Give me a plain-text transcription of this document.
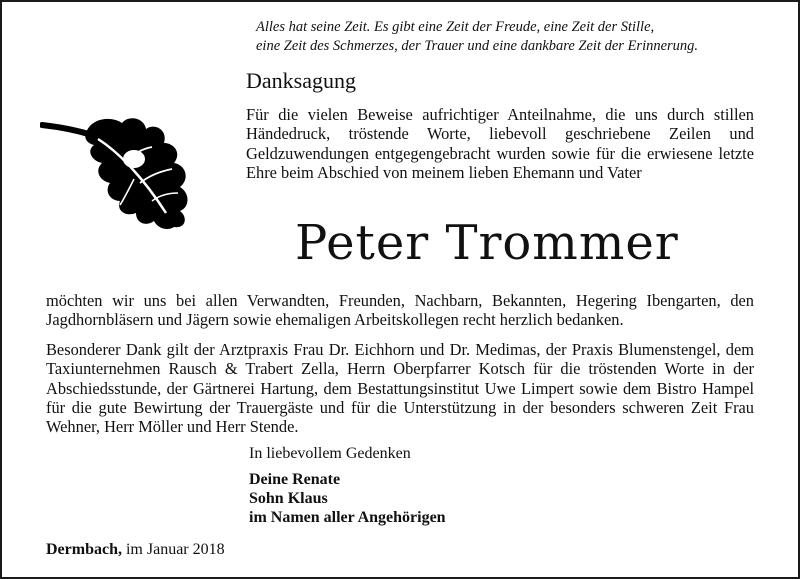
Alles hat seine Zeit. Es gibt eine Zeit der Freude, eine Zeit der Stille,
eine Zeit des Schmerzes, der Trauer und eine dankbare Zeit der Erinnerung.
Danksagung
Für die vielen Beweise aufrichtiger Anteilnahme, die uns durch stillen Händedruck, tröstende Worte, liebevoll geschriebene Zeilen und Geldzuwendungen entgegengebracht wurden sowie für die erwiesene letzte Ehre beim Abschied von meinem lieben Ehemann und Vater
Peter Trommer
möchten wir uns bei allen Verwandten, Freunden, Nachbarn, Bekannten, Hegering Ibengarten, den Jagdhornbläsern und Jägern sowie ehemaligen Arbeitskollegen recht herzlich bedanken.
Besonderer Dank gilt der Arztpraxis Frau Dr. Eichhorn und Dr. Medimas, der Praxis Blumenstengel, dem Taxiunternehmen Rausch & Trabert Zella, Herrn Oberpfarrer Kotsch für die tröstenden Worte in der Abschiedsstunde, der Gärtnerei Hartung, dem Bestattungsinstitut Uwe Limpert sowie dem Bistro Hampel für die gute Bewirtung der Trauergäste und für die Unterstützung in der besonders schweren Zeit Frau Wehner, Herr Möller und Herr Stende.
In liebevollem Gedenken
Deine Renate
Sohn Klaus
im Namen aller Angehörigen
Dermbach, im Januar 2018
